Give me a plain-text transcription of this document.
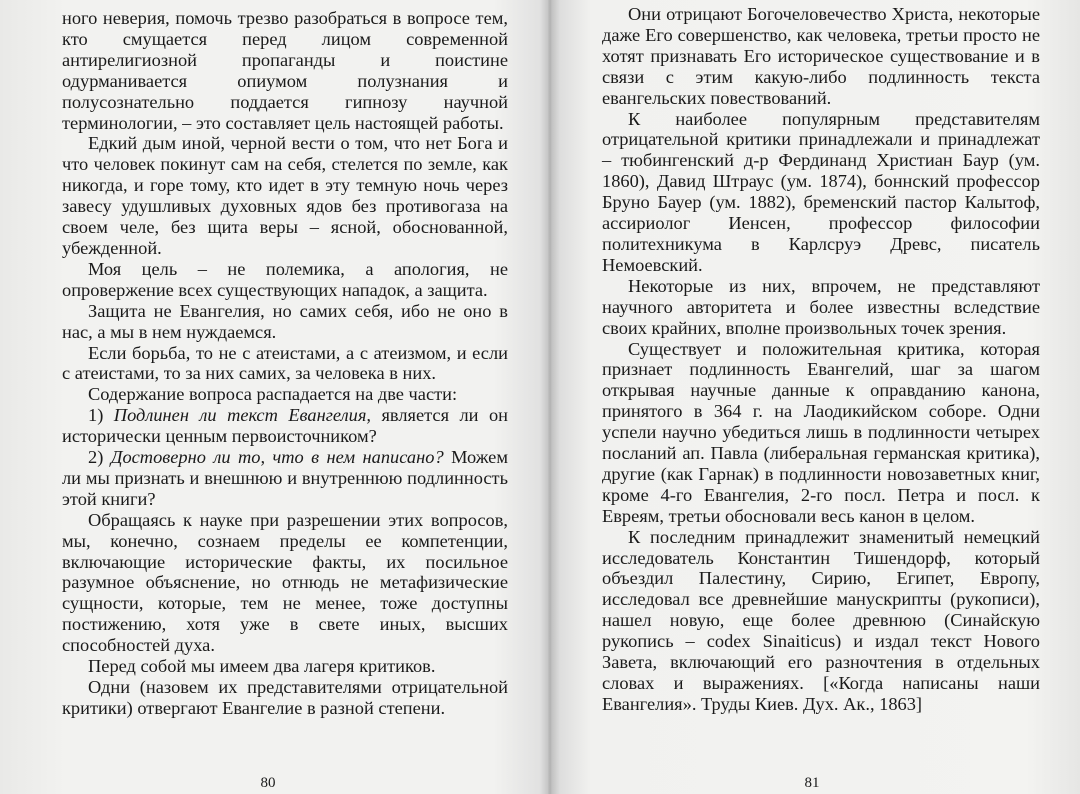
ного неверия, помочь трезво разобраться в вопросе тем, кто смущается перед лицом современной антирелигиозной пропаганды и поистине одурманивается опиумом полузнания и полусознательно поддается гипнозу научной терминологии, – это составляет цель настоящей работы.

Едкий дым иной, черной вести о том, что нет Бога и что человек покинут сам на себя, стелется по земле, как никогда, и горе тому, кто идет в эту темную ночь через завесу удушливых духовных ядов без противогаза на своем челе, без щита веры – ясной, обоснованной, убежденной.

Моя цель – не полемика, а апология, не опровержение всех существующих нападок, а защита.

Защита не Евангелия, но самих себя, ибо не оно в нас, а мы в нем нуждаемся.

Если борьба, то не с атеистами, а с атеизмом, и если с атеистами, то за них самих, за человека в них.

Содержание вопроса распадается на две части:

1) Подлинен ли текст Евангелия, является ли он исторически ценным первоисточником?

2) Достоверно ли то, что в нем написано? Можем ли мы признать и внешнюю и внутреннюю подлинность этой книги?

Обращаясь к науке при разрешении этих вопросов, мы, конечно, сознаем пределы ее компетенции, включающие исторические факты, их посильное разумное объяснение, но отнюдь не метафизические сущности, которые, тем не менее, тоже доступны постижению, хотя уже в свете иных, высших способностей духа.

Перед собой мы имеем два лагеря критиков.

Одни (назовем их представителями отрицательной критики) отвергают Евангелие в разной степени.

80

Они отрицают Богочеловечество Христа, некоторые даже Его совершенство, как человека, третьи просто не хотят признавать Его историческое существование и в связи с этим какую-либо подлинность текста евангельских повествований.

К наиболее популярным представителям отрицательной критики принадлежали и принадлежат – тюбингенский д-р Фердинанд Христиан Баур (ум. 1860), Давид Штраус (ум. 1874), боннский профессор Бруно Бауер (ум. 1882), бременский пастор Калытоф, ассириолог Иенсен, профессор философии политехникума в Карлсруэ Древс, писатель Немоевский.

Некоторые из них, впрочем, не представляют научного авторитета и более известны вследствие своих крайних, вполне произвольных точек зрения.

Существует и положительная критика, которая признает подлинность Евангелий, шаг за шагом открывая научные данные к оправданию канона, принятого в 364 г. на Лаодикийском соборе. Одни успели научно убедиться лишь в подлинности четырех посланий ап. Павла (либеральная германская критика), другие (как Гарнак) в подлинности новозаветных книг, кроме 4-го Евангелия, 2-го посл. Петра и посл. к Евреям, третьи обосновали весь канон в целом.

К последним принадлежит знаменитый немецкий исследователь Константин Тишендорф, который объездил Палестину, Сирию, Египет, Европу, исследовал все древнейшие манускрипты (рукописи), нашел новую, еще более древнюю (Синайскую рукопись – codex Sinaiticus) и издал текст Нового Завета, включающий его разночтения в отдельных словах и выражениях. [«Когда написаны наши Евангелия». Труды Киев. Дух. Ак., 1863]

81
